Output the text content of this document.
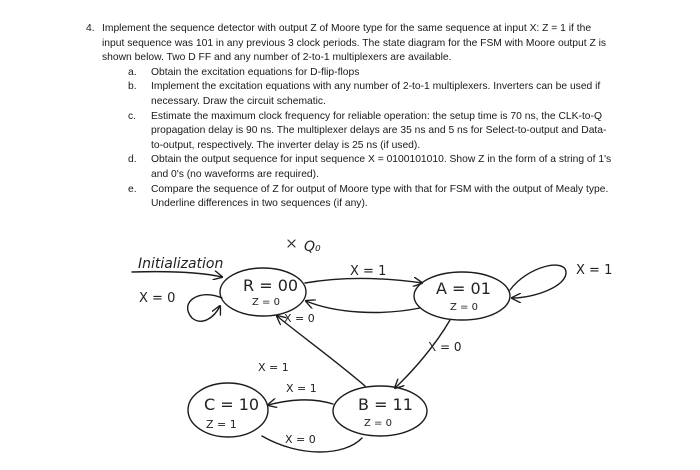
4. Implement the sequence detector with output Z of Moore type for the same sequence at input X: Z = 1 if the input sequence was 101 in any previous 3 clock periods. The state diagram for the FSM with Moore output Z is shown below. Two D FF and any number of 2-to-1 multiplexers are available.

a. Obtain the excitation equations for D-flip-flops
b. Implement the excitation equations with any number of 2-to-1 multiplexers. Inverters can be used if necessary. Draw the circuit schematic.
c. Estimate the maximum clock frequency for reliable operation: the setup time is 70 ns, the CLK-to-Q propagation delay is 90 ns. The multiplexer delays are 35 ns and 5 ns for Select-to-output and Data-to-output, respectively. The inverter delay is 25 ns (if used).
d. Obtain the output sequence for input sequence X = 0100101010. Show Z in the form of a string of 1's and 0's (no waveforms are required).
e. Compare the sequence of Z for output of Moore type with that for FSM with the output of Mealy type. Underline differences in two sequences (if any).
Initialization
Q₀
R = 00
Z = 0
X = 0
X = 1
A = 01
Z = 0
X = 1
X = 0
X = 0
X = 1
B = 11
Z = 0
X = 1
C = 10
Z = 1
X = 0
